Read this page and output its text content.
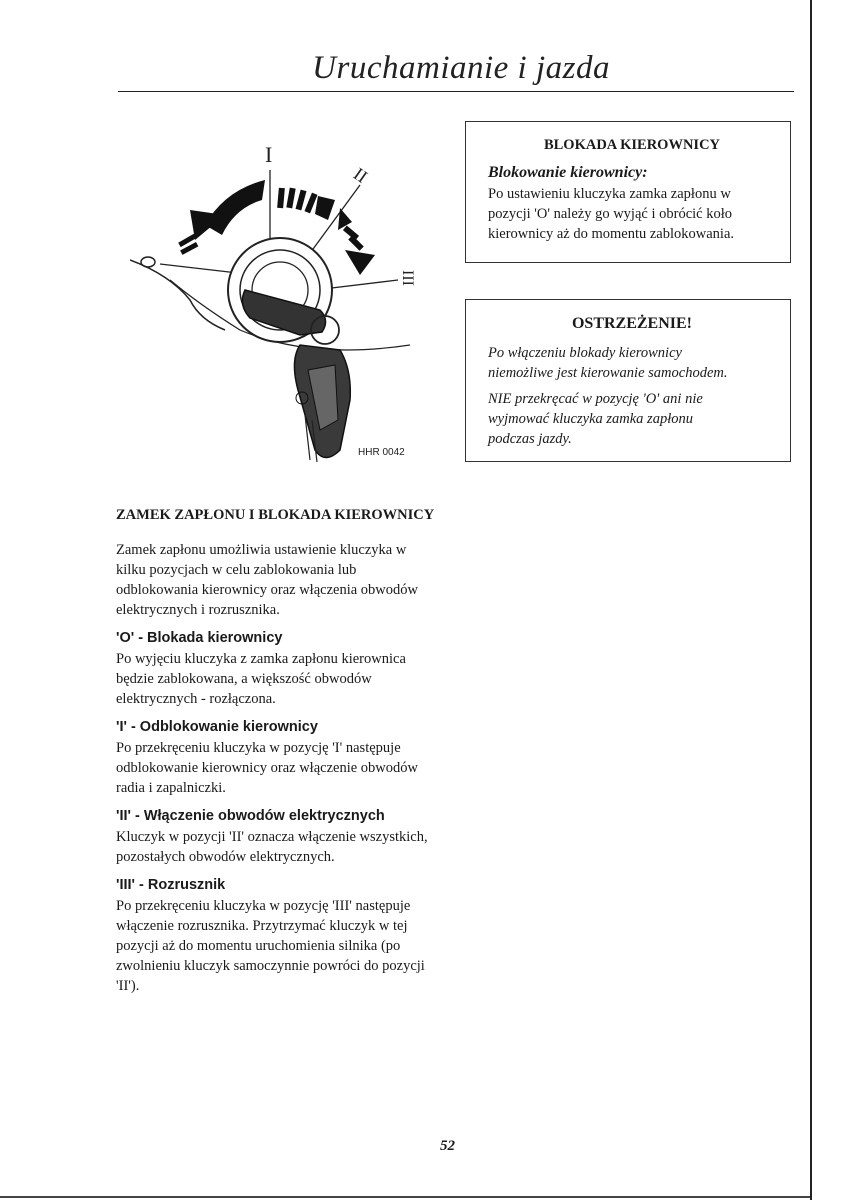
Uruchamianie i jazda
I
II
III
HHR 0042
BLOKADA KIEROWNICY
Blokowanie kierownicy:
Po ustawieniu kluczyka zamka zapłonu w
pozycji 'O' należy go wyjąć i obrócić koło
kierownicy aż do momentu zablokowania.
OSTRZEŻENIE!
Po włączeniu blokady kierownicy
niemożliwe jest kierowanie samochodem.
NIE przekręcać w pozycję 'O' ani nie
wyjmować kluczyka zamka zapłonu
podczas jazdy.
ZAMEK ZAPŁONU I BLOKADA KIEROWNICY
Zamek zapłonu umożliwia ustawienie kluczyka w
kilku pozycjach w celu zablokowania lub
odblokowania kierownicy oraz włączenia obwodów
elektrycznych i rozrusznika.
'O' - Blokada kierownicy
Po wyjęciu kluczyka z zamka zapłonu kierownica
będzie zablokowana, a większość obwodów
elektrycznych - rozłączona.
'I' - Odblokowanie kierownicy
Po przekręceniu kluczyka w pozycję 'I' następuje
odblokowanie kierownicy oraz włączenie obwodów
radia i zapalniczki.
'II' - Włączenie obwodów elektrycznych
Kluczyk w pozycji 'II' oznacza włączenie wszystkich,
pozostałych obwodów elektrycznych.
'III' - Rozrusznik
Po przekręceniu kluczyka w pozycję 'III' następuje
włączenie rozrusznika. Przytrzymać kluczyk w tej
pozycji aż do momentu uruchomienia silnika (po
zwolnieniu kluczyk samoczynnie powróci do pozycji
'II').
52
